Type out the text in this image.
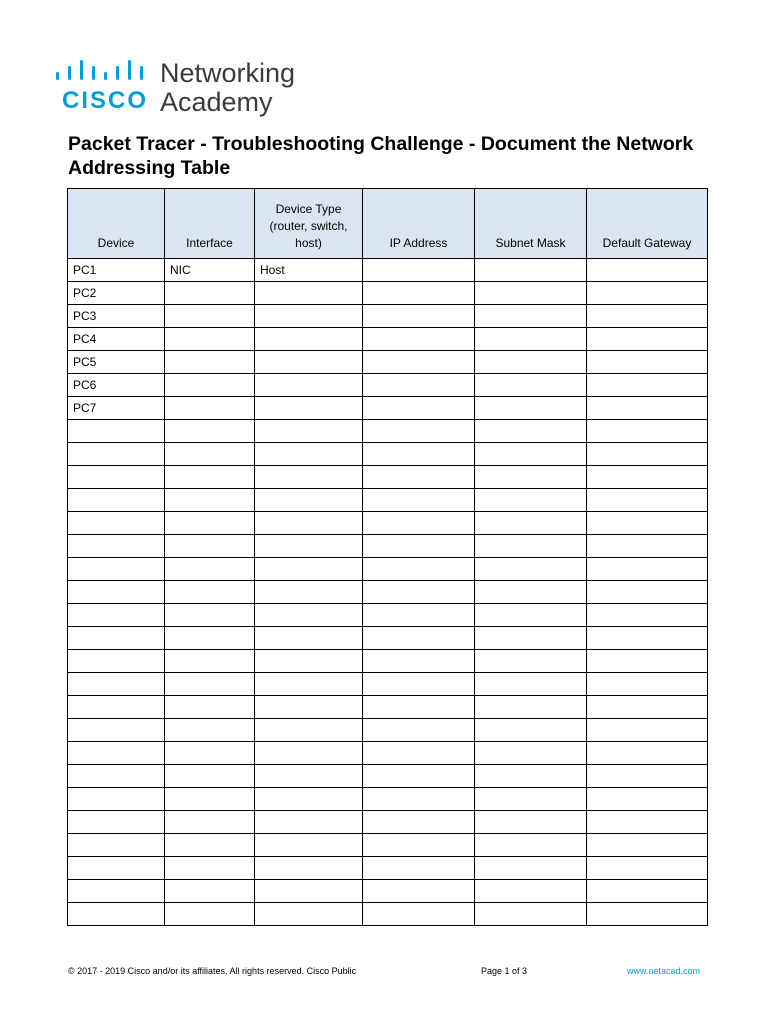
CISCO.
Networking
Academy
Packet Tracer - Troubleshooting Challenge - Document the Network Addressing Table
Device	Interface	Device Type (router, switch, host)	IP Address	Subnet Mask	Default Gateway
PC1	NIC	Host			
PC2					
PC3					
PC4					
PC5					
PC6					
PC7					

© 2017 - 2019 Cisco and/or its affiliates. All rights reserved. Cisco Public	Page 1 of 3	www.netacad.com
